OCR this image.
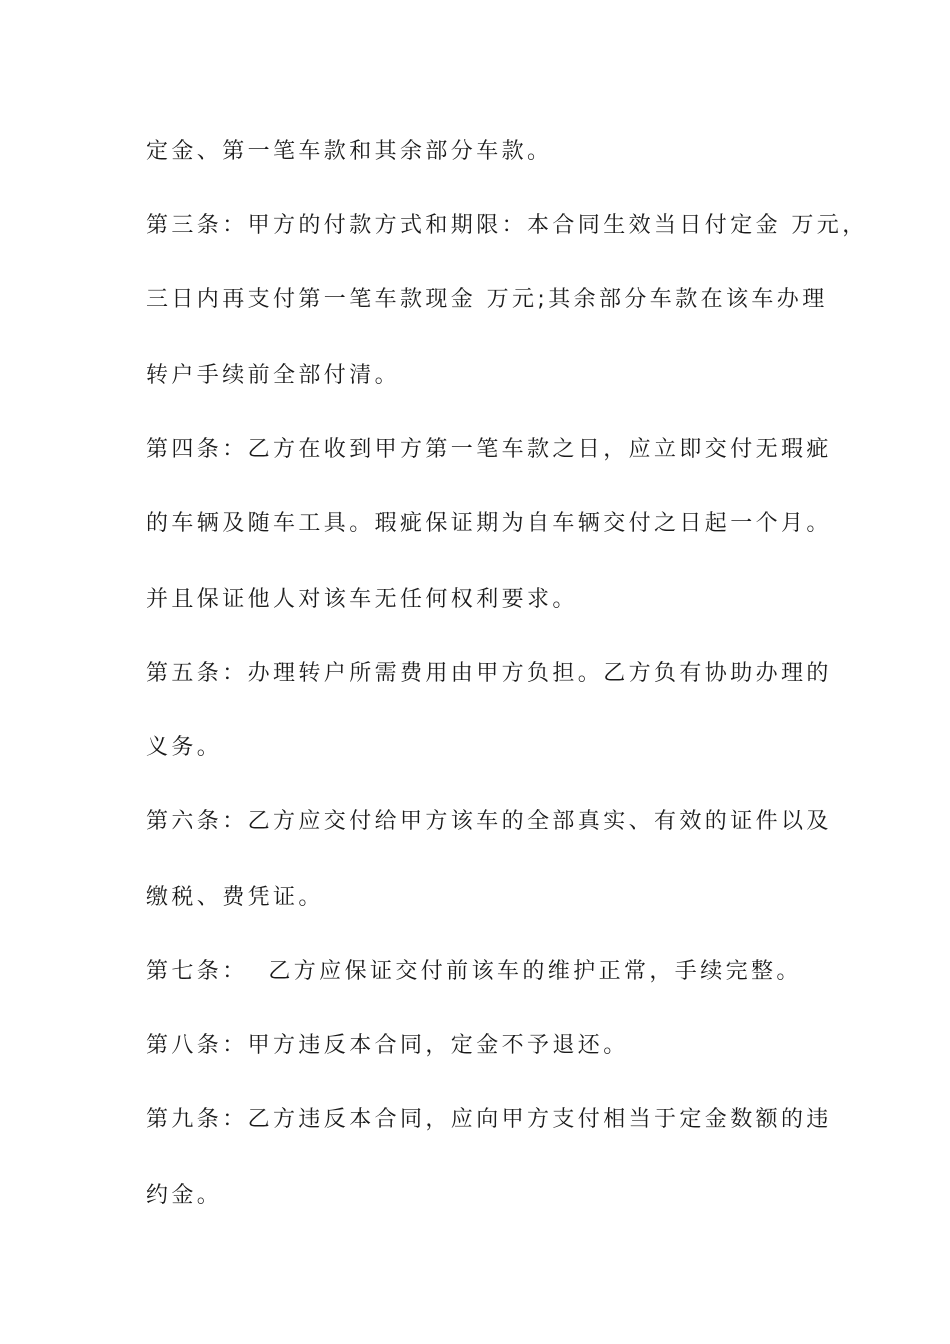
定金、第一笔车款和其余部分车款。
第三条：甲方的付款方式和期限：本合同生效当日付定金 万元，
三日内再支付第一笔车款现金 万元;其余部分车款在该车办理
转户手续前全部付清。
第四条：乙方在收到甲方第一笔车款之日，应立即交付无瑕疵
的车辆及随车工具。瑕疵保证期为自车辆交付之日起一个月。
并且保证他人对该车无任何权利要求。
第五条：办理转户所需费用由甲方负担。乙方负有协助办理的
义务。
第六条：乙方应交付给甲方该车的全部真实、有效的证件以及
缴税、费凭证。
第七条：  乙方应保证交付前该车的维护正常，手续完整。
第八条：甲方违反本合同，定金不予退还。
第九条：乙方违反本合同，应向甲方支付相当于定金数额的违
约金。
